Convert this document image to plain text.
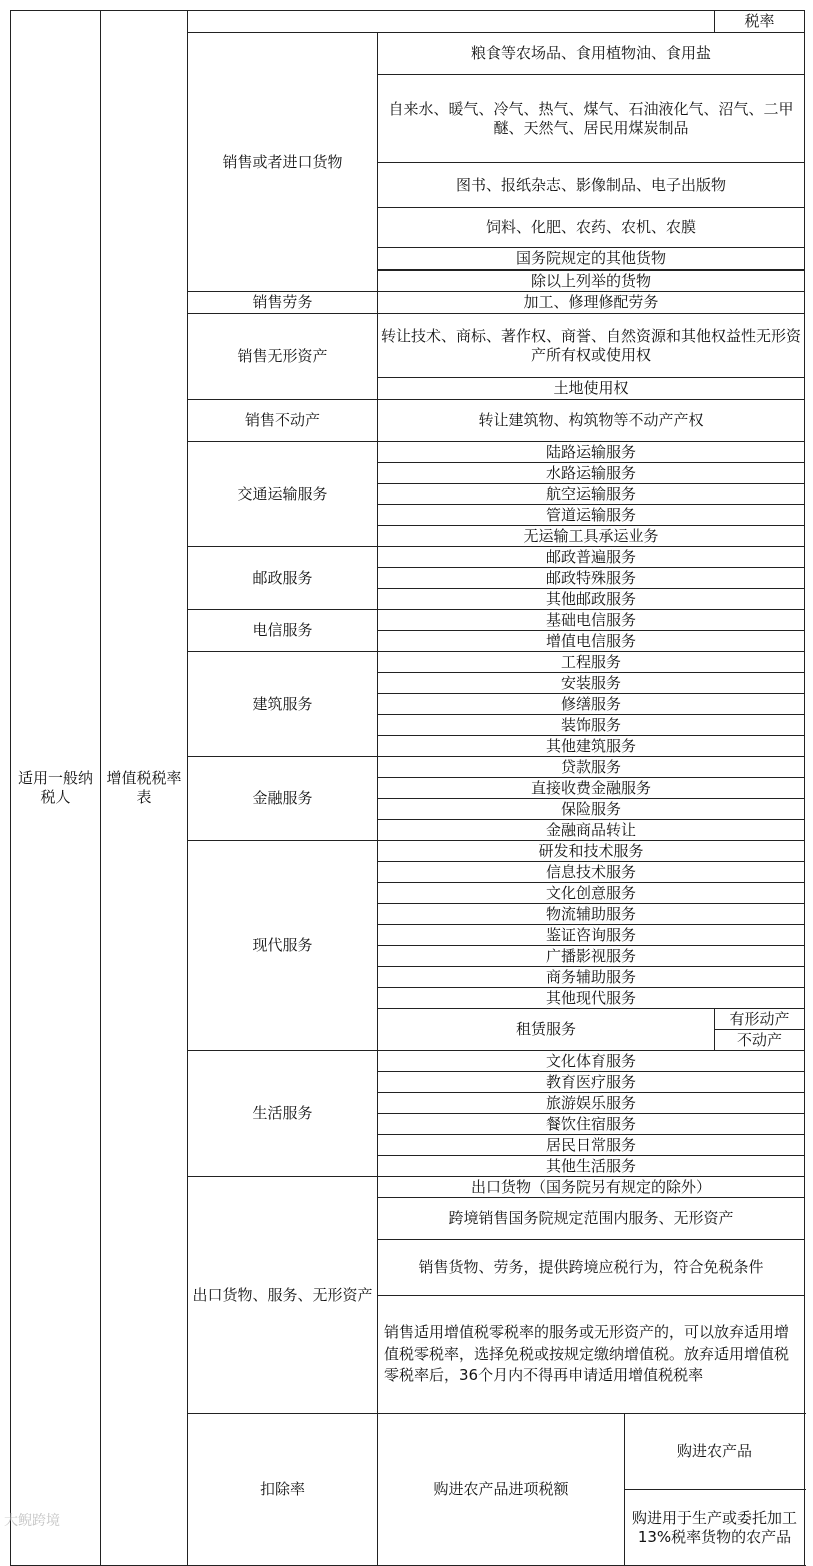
适用一般纳税人	增值税税率表				税率	
		销售或者进口货物	粮食等农场品、食用植物油、食用盐	
			自来水、暖气、冷气、热气、煤气、石油液化气、沼气、二甲醚、天然气、居民用煤炭制品			
			图书、报纸杂志、影像制品、电子出版物			
			饲料、化肥、农药、农机、农膜			
			国务院规定的其他货物			

			除以上列举的货物	
		销售劳务	加工、修理修配劳务	
		销售无形资产	转让技术、商标、著作权、商誉、自然资源和其他权益性无形资产所有权或使用权	
			土地使用权	
		销售不动产	转让建筑物、构筑物等不动产产权	
		交通运输服务	陆路运输服务	
			水路运输服务			
			航空运输服务			
			管道运输服务			
			无运输工具承运业务			
		邮政服务	邮政普遍服务	
			邮政特殊服务			
			其他邮政服务			
		电信服务	基础电信服务	
			增值电信服务	
		建筑服务	工程服务	
			安装服务			
			修缮服务			
			装饰服务			
			其他建筑服务			
		金融服务	贷款服务	
			直接收费金融服务			
			保险服务			
			金融商品转让			
		现代服务	研发和技术服务	
			信息技术服务			
			文化创意服务			
			物流辅助服务			
			鉴证咨询服务			
			广播影视服务			
			商务辅助服务			
			其他现代服务			
			租赁服务		有形动产	
					不动产	
		生活服务	文化体育服务	
			教育医疗服务			
			旅游娱乐服务			
			餐饮住宿服务			
			居民日常服务			
			其他生活服务			
		出口货物、服务、无形资产	出口货物（国务院另有规定的除外）	
			跨境销售国务院规定范围内服务、无形资产			
			销售货物、劳务，提供跨境应税行为，符合免税条件	
			销售适用增值税零税率的服务或无形资产的，可以放弃适用增值税零税率，选择免税或按规定缴纳增值税。放弃适用增值税零税率后，36个月内不得再申请适用增值税税率			
		扣除率	购进农产品进项税额	购进农产品	
				购进用于生产或委托加工13%税率货物的农产品	
大鲵跨境
